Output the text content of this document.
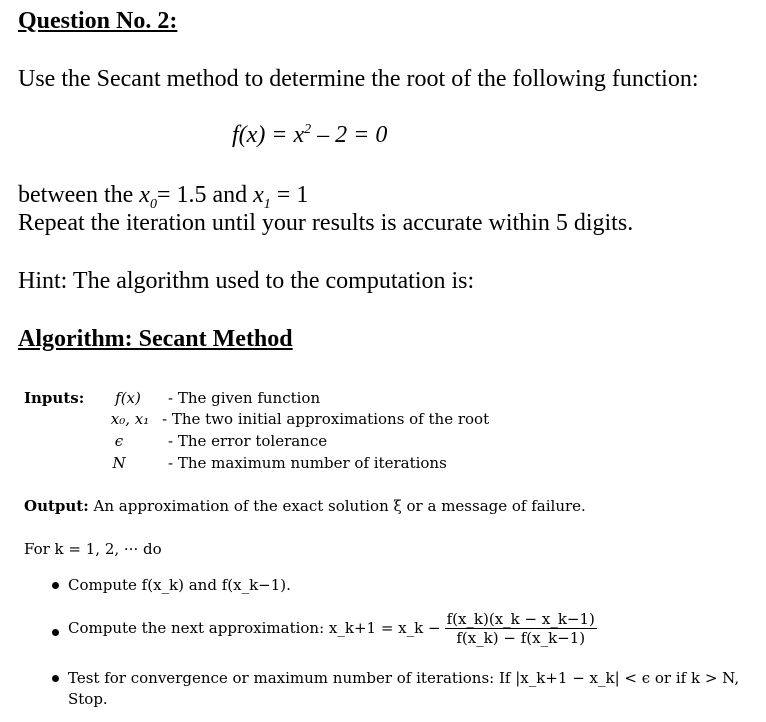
Question No. 2:
Use the Secant method to determine the root of the following function:
$f(x) = x^2 - 2 = 0$
between the $x_0= 1.5$ and $x_1 = 1$
Repeat the iteration until your results is accurate within 5 digits.
Hint: The algorithm used to the computation is:
Algorithm: Secant Method
Inputs:	f(x)	- The given function
x₀, x₁ - The two initial approximations of the root
ϵ	- The error tolerance
N	- The maximum number of iterations
Output: An approximation of the exact solution ξ or a message of failure.
For k = 1, 2, ··· do
Compute f(x_k) and f(x_k−1).
Compute the next approximation: x_k+1 = x_k − $\frac{f(x\_k)(x\_k - x\_k-1)}{f(x\_k) - f(x\_k-1)}$
Test for convergence or maximum number of iterations: If |x_k+1 − x_k| < ϵ or if k > N,
Stop.
